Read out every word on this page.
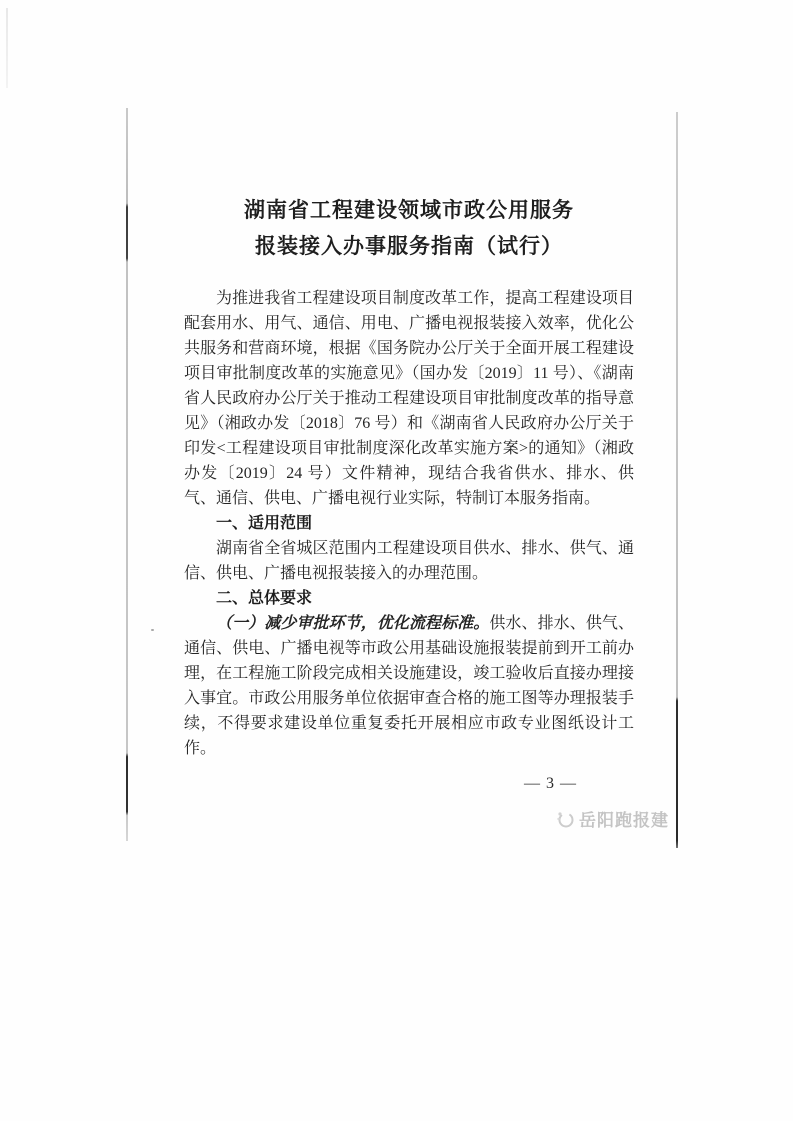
湖南省工程建设领域市政公用服务
报装接入办事服务指南（试行）

为推进我省工程建设项目制度改革工作，提高工程建设项目配套用水、用气、通信、用电、广播电视报装接入效率，优化公共服务和营商环境，根据《国务院办公厅关于全面开展工程建设项目审批制度改革的实施意见》（国办发〔2019〕11 号）、《湖南省人民政府办公厅关于推动工程建设项目审批制度改革的指导意见》（湘政办发〔2018〕76 号）和《湖南省人民政府办公厅关于印发<工程建设项目审批制度深化改革实施方案>的通知》（湘政办发〔2019〕24 号）文件精神，现结合我省供水、排水、供气、通信、供电、广播电视行业实际，特制订本服务指南。

一、适用范围

湖南省全省城区范围内工程建设项目供水、排水、供气、通信、供电、广播电视报装接入的办理范围。

二、总体要求

（一）减少审批环节，优化流程标准。供水、排水、供气、通信、供电、广播电视等市政公用基础设施报装提前到开工前办理，在工程施工阶段完成相关设施建设，竣工验收后直接办理接入事宜。市政公用服务单位依据审查合格的施工图等办理报装手续，不得要求建设单位重复委托开展相应市政专业图纸设计工作。

— 3 —
岳阳跑报建
